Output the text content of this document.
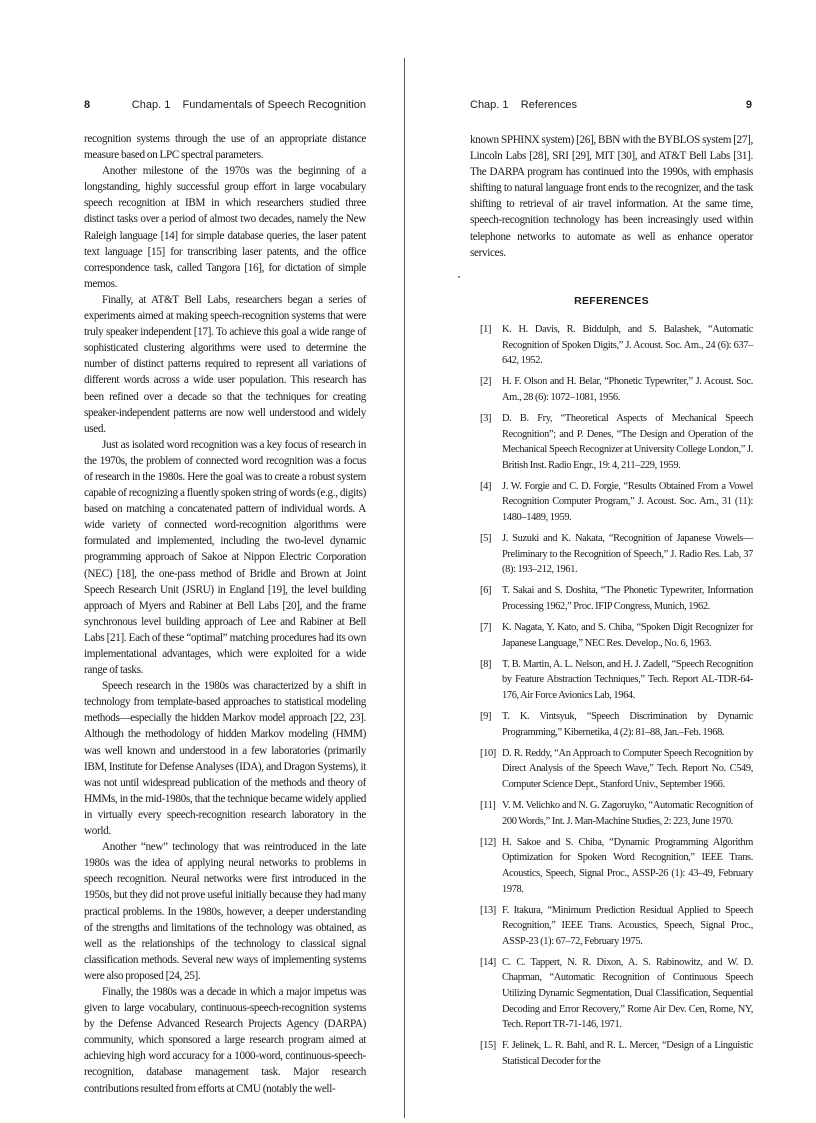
8	Chap. 1    Fundamentals of Speech Recognition

recognition systems through the use of an appropriate distance measure based on LPC spectral parameters.

Another milestone of the 1970s was the beginning of a longstanding, highly successful group effort in large vocabulary speech recognition at IBM in which researchers studied three distinct tasks over a period of almost two decades, namely the New Raleigh language [14] for simple database queries, the laser patent text language [15] for transcribing laser patents, and the office correspondence task, called Tangora [16], for dictation of simple memos.

Finally, at AT&T Bell Labs, researchers began a series of experiments aimed at making speech-recognition systems that were truly speaker independent [17]. To achieve this goal a wide range of sophisticated clustering algorithms were used to determine the number of distinct patterns required to represent all variations of different words across a wide user population. This research has been refined over a decade so that the techniques for creating speaker-independent patterns are now well understood and widely used.

Just as isolated word recognition was a key focus of research in the 1970s, the problem of connected word recognition was a focus of research in the 1980s. Here the goal was to create a robust system capable of recognizing a fluently spoken string of words (e.g., digits) based on matching a concatenated pattern of individual words. A wide variety of connected word-recognition algorithms were formulated and implemented, including the two-level dynamic programming approach of Sakoe at Nippon Electric Corporation (NEC) [18], the one-pass method of Bridle and Brown at Joint Speech Research Unit (JSRU) in England [19], the level building approach of Myers and Rabiner at Bell Labs [20], and the frame synchronous level building approach of Lee and Rabiner at Bell Labs [21]. Each of these “optimal” matching procedures had its own implementational advantages, which were exploited for a wide range of tasks.

Speech research in the 1980s was characterized by a shift in technology from template-based approaches to statistical modeling methods—especially the hidden Markov model approach [22, 23]. Although the methodology of hidden Markov modeling (HMM) was well known and understood in a few laboratories (primarily IBM, Institute for Defense Analyses (IDA), and Dragon Systems), it was not until widespread publication of the methods and theory of HMMs, in the mid-1980s, that the technique became widely applied in virtually every speech-recognition research laboratory in the world.

Another “new” technology that was reintroduced in the late 1980s was the idea of applying neural networks to problems in speech recognition. Neural networks were first introduced in the 1950s, but they did not prove useful initially because they had many practical problems. In the 1980s, however, a deeper understanding of the strengths and limitations of the technology was obtained, as well as the relationships of the technology to classical signal classification methods. Several new ways of implementing systems were also proposed [24, 25].

Finally, the 1980s was a decade in which a major impetus was given to large vocabulary, continuous-speech-recognition systems by the Defense Advanced Research Projects Agency (DARPA) community, which sponsored a large research program aimed at achieving high word accuracy for a 1000-word, continuous-speech-recognition, database management task. Major research contributions resulted from efforts at CMU (notably the well-

Chap. 1    References	9

known SPHINX system) [26], BBN with the BYBLOS system [27], Lincoln Labs [28], SRI [29], MIT [30], and AT&T Bell Labs [31]. The DARPA program has continued into the 1990s, with emphasis shifting to natural language front ends to the recognizer, and the task shifting to retrieval of air travel information. At the same time, speech-recognition technology has been increasingly used within telephone networks to automate as well as enhance operator services.

REFERENCES
[1] K. H. Davis, R. Biddulph, and S. Balashek, “Automatic Recognition of Spoken Digits,” J. Acoust. Soc. Am., 24 (6): 637–642, 1952.
[2] H. F. Olson and H. Belar, “Phonetic Typewriter,” J. Acoust. Soc. Am., 28 (6): 1072–1081, 1956.
[3] D. B. Fry, “Theoretical Aspects of Mechanical Speech Recognition”; and P. Denes, “The Design and Operation of the Mechanical Speech Recognizer at University College London,” J. British Inst. Radio Engr., 19: 4, 211–229, 1959.
[4] J. W. Forgie and C. D. Forgie, “Results Obtained From a Vowel Recognition Computer Program,” J. Acoust. Soc. Am., 31 (11): 1480–1489, 1959.
[5] J. Suzuki and K. Nakata, “Recognition of Japanese Vowels—Preliminary to the Recognition of Speech,” J. Radio Res. Lab, 37 (8): 193–212, 1961.
[6] T. Sakai and S. Doshita, “The Phonetic Typewriter, Information Processing 1962,” Proc. IFIP Congress, Munich, 1962.
[7] K. Nagata, Y. Kato, and S. Chiba, “Spoken Digit Recognizer for Japanese Language,” NEC Res. Develop., No. 6, 1963.
[8] T. B. Martin, A. L. Nelson, and H. J. Zadell, “Speech Recognition by Feature Abstraction Techniques,” Tech. Report AL-TDR-64-176, Air Force Avionics Lab, 1964.
[9] T. K. Vintsyuk, “Speech Discrimination by Dynamic Programming,” Kibernetika, 4 (2): 81–88, Jan.–Feb. 1968.
[10] D. R. Reddy, “An Approach to Computer Speech Recognition by Direct Analysis of the Speech Wave,” Tech. Report No. C549, Computer Science Dept., Stanford Univ., September 1966.
[11] V. M. Velichko and N. G. Zagoruyko, “Automatic Recognition of 200 Words,” Int. J. Man-Machine Studies, 2: 223, June 1970.
[12] H. Sakoe and S. Chiba, “Dynamic Programming Algorithm Optimization for Spoken Word Recognition,” IEEE Trans. Acoustics, Speech, Signal Proc., ASSP-26 (1): 43–49, February 1978.
[13] F. Itakura, “Minimum Prediction Residual Applied to Speech Recognition,” IEEE Trans. Acoustics, Speech, Signal Proc., ASSP-23 (1): 67–72, February 1975.
[14] C. C. Tappert, N. R. Dixon, A. S. Rabinowitz, and W. D. Chapman, “Automatic Recognition of Continuous Speech Utilizing Dynamic Segmentation, Dual Classification, Sequential Decoding and Error Recovery,” Rome Air Dev. Cen, Rome, NY, Tech. Report TR-71-146, 1971.
[15] F. Jelinek, L. R. Bahl, and R. L. Mercer, “Design of a Linguistic Statistical Decoder for the
